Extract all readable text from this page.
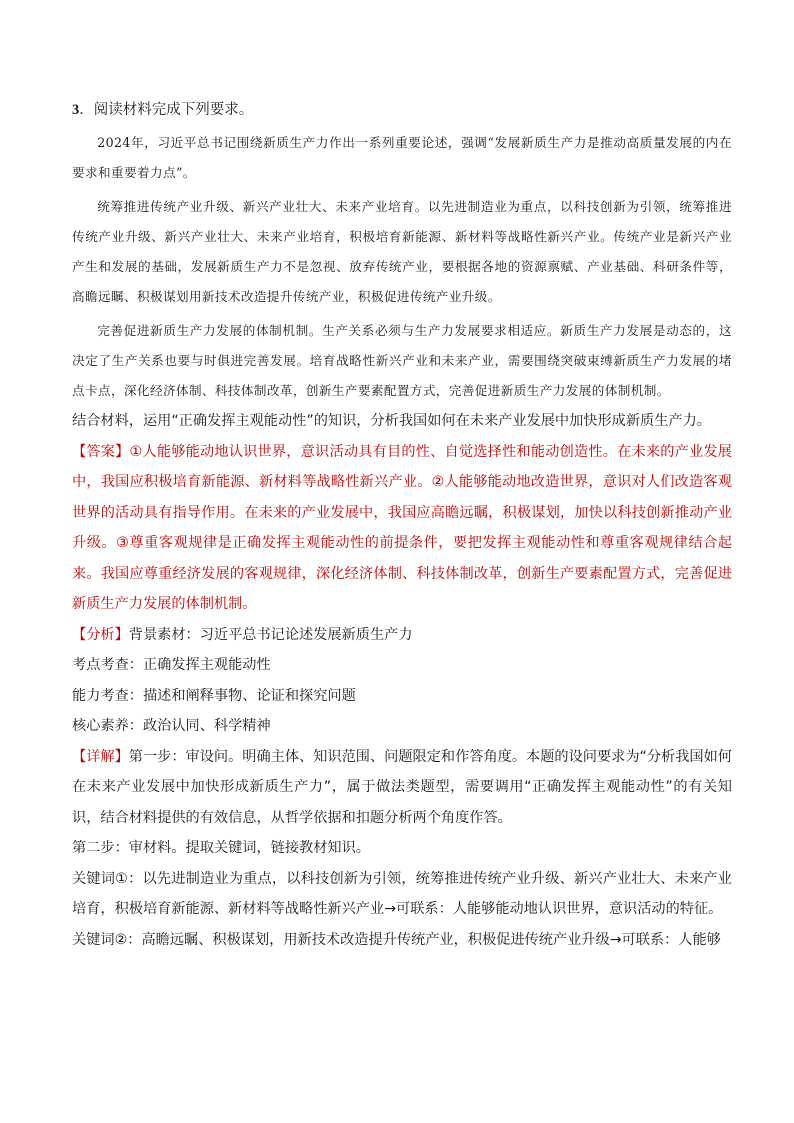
3．阅读材料完成下列要求。

2024年，习近平总书记围绕新质生产力作出一系列重要论述，强调“发展新质生产力是推动高质量发展的内在要求和重要着力点”。

统筹推进传统产业升级、新兴产业壮大、未来产业培育。以先进制造业为重点，以科技创新为引领，统筹推进传统产业升级、新兴产业壮大、未来产业培育，积极培育新能源、新材料等战略性新兴产业。传统产业是新兴产业产生和发展的基础，发展新质生产力不是忽视、放弃传统产业，要根据各地的资源禀赋、产业基础、科研条件等，高瞻远瞩、积极谋划用新技术改造提升传统产业，积极促进传统产业升级。

完善促进新质生产力发展的体制机制。生产关系必须与生产力发展要求相适应。新质生产力发展是动态的，这决定了生产关系也要与时俱进完善发展。培育战略性新兴产业和未来产业，需要围绕突破束缚新质生产力发展的堵点卡点，深化经济体制、科技体制改革，创新生产要素配置方式，完善促进新质生产力发展的体制机制。

结合材料，运用“正确发挥主观能动性”的知识，分析我国如何在未来产业发展中加快形成新质生产力。

【答案】①人能够能动地认识世界，意识活动具有目的性、自觉选择性和能动创造性。在未来的产业发展中，我国应积极培育新能源、新材料等战略性新兴产业。②人能够能动地改造世界，意识对人们改造客观世界的活动具有指导作用。在未来的产业发展中，我国应高瞻远瞩，积极谋划，加快以科技创新推动产业升级。③尊重客观规律是正确发挥主观能动性的前提条件，要把发挥主观能动性和尊重客观规律结合起来。我国应尊重经济发展的客观规律，深化经济体制、科技体制改革，创新生产要素配置方式，完善促进新质生产力发展的体制机制。

【分析】背景素材：习近平总书记论述发展新质生产力

考点考查：正确发挥主观能动性

能力考查：描述和阐释事物、论证和探究问题

核心素养：政治认同、科学精神

【详解】第一步：审设问。明确主体、知识范围、问题限定和作答角度。本题的设问要求为“分析我国如何在未来产业发展中加快形成新质生产力”，属于做法类题型，需要调用“正确发挥主观能动性”的有关知识，结合材料提供的有效信息，从哲学依据和扣题分析两个角度作答。

第二步：审材料。提取关键词，链接教材知识。

关键词①：以先进制造业为重点，以科技创新为引领，统筹推进传统产业升级、新兴产业壮大、未来产业培育，积极培育新能源、新材料等战略性新兴产业→可联系：人能够能动地认识世界，意识活动的特征。

关键词②：高瞻远瞩、积极谋划，用新技术改造提升传统产业，积极促进传统产业升级→可联系：人能够
